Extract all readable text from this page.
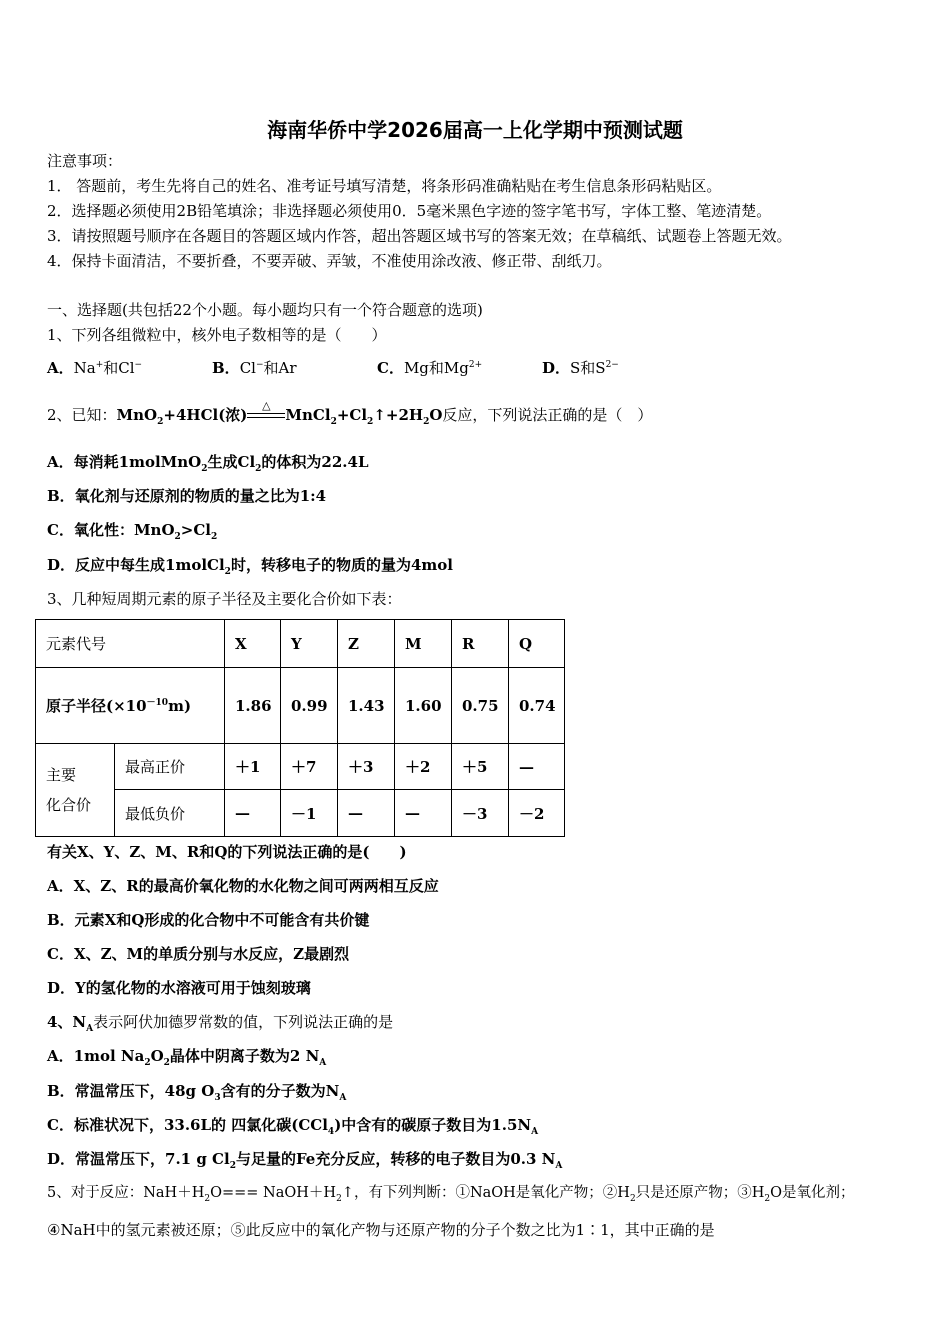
海南华侨中学2026届高一上化学期中预测试题
注意事项：
1． 答题前，考生先将自己的姓名、准考证号填写清楚，将条形码准确粘贴在考生信息条形码粘贴区。
2．选择题必须使用2B铅笔填涂；非选择题必须使用0．5毫米黑色字迹的签字笔书写，字体工整、笔迹清楚。
3．请按照题号顺序在各题目的答题区域内作答，超出答题区域书写的答案无效；在草稿纸、试题卷上答题无效。
4．保持卡面清洁，不要折叠，不要弄破、弄皱，不准使用涂改液、修正带、刮纸刀。
一、选择题(共包括22个小题。每小题均只有一个符合题意的选项)
1、下列各组微粒中，核外电子数相等的是（　　）
A．Na+和Cl−	B．Cl−和Ar	C．Mg和$Mg^{2+}$	D．S和$S^{2-}$
2、已知：MnO$_2$+4HCl(浓)
△
$MnCl_2+Cl_2↑+2H_2O$反应，下列说法正确的是（　）
A．每消耗1molMnO$_2$生成$Cl_2$的体积为22.4L
B．氧化剂与还原剂的物质的量之比为1:4
C．氧化性：$MnO_2>Cl_2$
D．反应中每生成1molCl$_2$时，转移电子的物质的量为4mol
3、几种短周期元素的原子半径及主要化合价如下表：
元素代号		X	Y	Z	M	R	Q
原子半径$(\times 10^{-10}m)$		1.86	0.99	1.43	1.60	0.75	0.74
主要
化合价	最高正价	＋1	＋7	＋3	＋2	＋5	—
	最低负价	—	－1	—	—	－3	－2
有关X、Y、Z、M、R和Q的下列说法正确的是(　　)
A．X、Z、R的最高价氧化物的水化物之间可两两相互反应
B．元素X和Q形成的化合物中不可能含有共价键
C．X、Z、M的单质分别与水反应，Z最剧烈
D．Y的氢化物的水溶液可用于蚀刻玻璃
4、$N_A$表示阿伏加德罗常数的值，下列说法正确的是
A．1mol $Na_2O_2$晶体中阴离子数为2 $N_A$
B．常温常压下，48g $O_3$含有的分子数为$N_A$
C．标准状况下，33.6L的 四氯化碳(CCl$_4$)中含有的碳原子数目为$1.5N_A$
D．常温常压下，7.1 g $Cl_2$与足量的Fe充分反应，转移的电子数目为0.3 $N_A$
5、对于反应：$NaH+H_2O===$ $NaOH+H_2↑$，有下列判断：①NaOH是氧化产物；$②H_2$只是还原产物；$③H_2O$是氧化剂；
④NaH中的氢元素被还原；⑤此反应中的氧化产物与还原产物的分子个数之比为1∶1，其中正确的是
